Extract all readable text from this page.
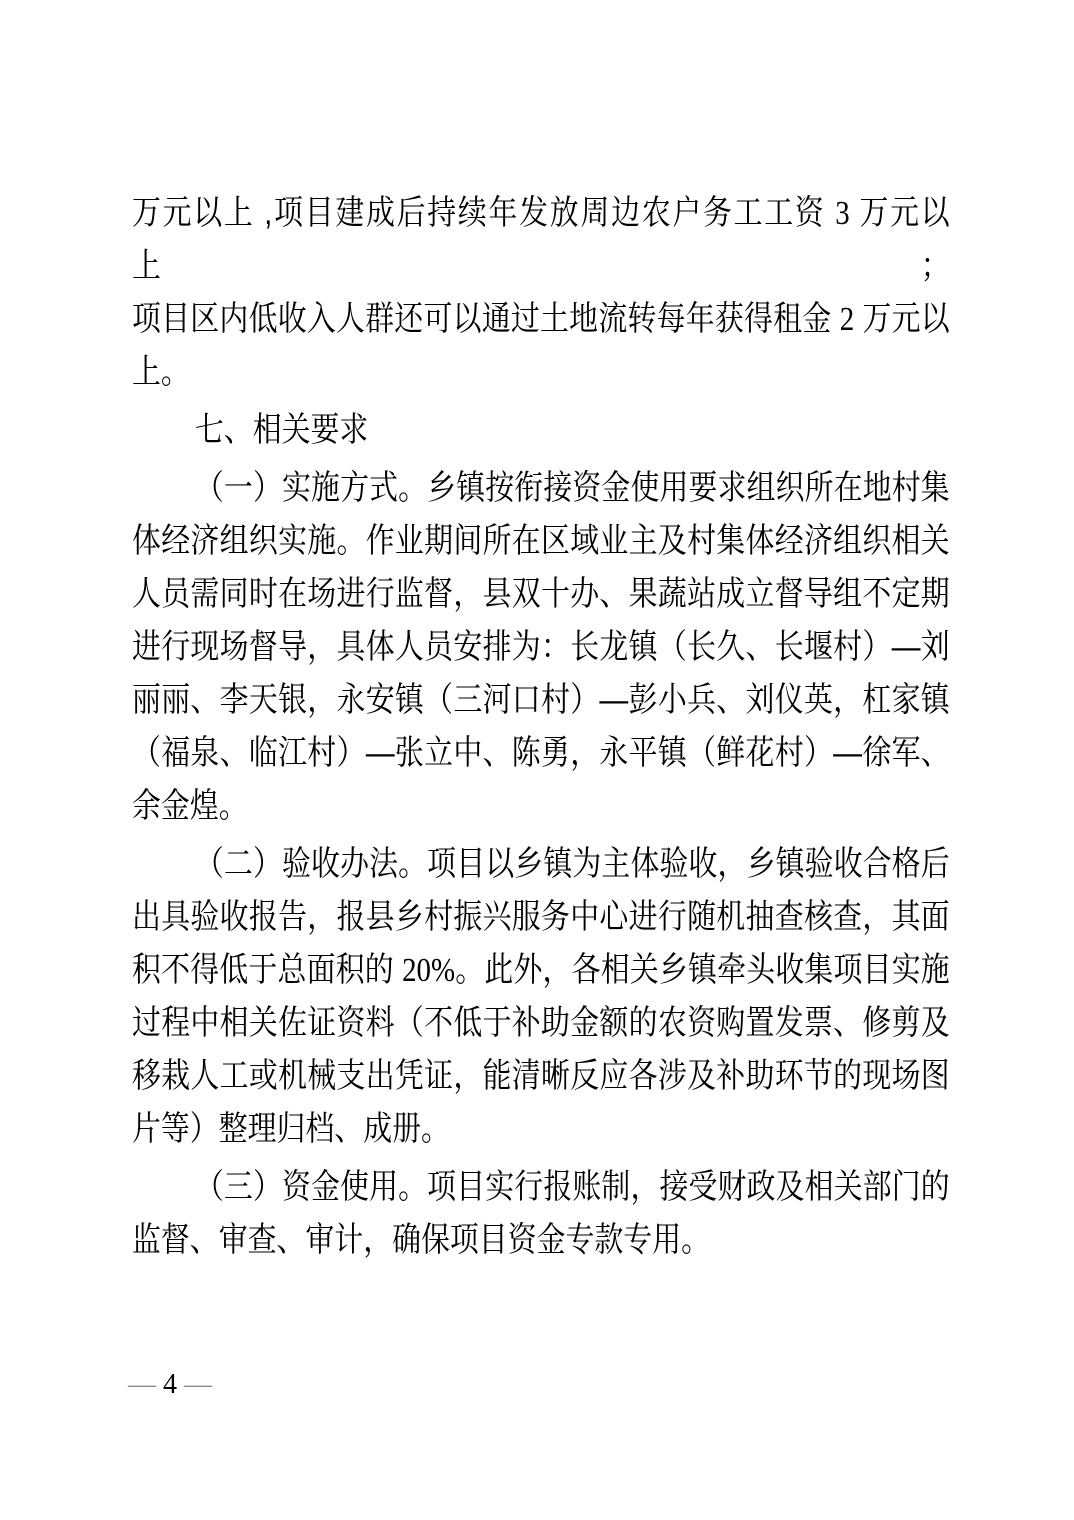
万元以上 ,项目建成后持续年发放周边农户务工工资 3 万元以上；
项目区内低收入人群还可以通过土地流转每年获得租金 2 万元以
上。
七、相关要求
（一）实施方式。乡镇按衔接资金使用要求组织所在地村集
体经济组织实施。作业期间所在区域业主及村集体经济组织相关
人员需同时在场进行监督，县双十办、果蔬站成立督导组不定期
进行现场督导，具体人员安排为：长龙镇（长久、长堰村）—刘
丽丽、李天银，永安镇（三河口村）—彭小兵、刘仪英，杠家镇
（福泉、临江村）—张立中、陈勇，永平镇（鲜花村）—徐军、
余金煌。
（二）验收办法。项目以乡镇为主体验收，乡镇验收合格后
出具验收报告，报县乡村振兴服务中心进行随机抽查核查，其面
积不得低于总面积的 20%。此外，各相关乡镇牵头收集项目实施
过程中相关佐证资料（不低于补助金额的农资购置发票、修剪及
移栽人工或机械支出凭证，能清晰反应各涉及补助环节的现场图
片等）整理归档、成册。
（三）资金使用。项目实行报账制，接受财政及相关部门的
监督、审查、审计，确保项目资金专款专用。
— 4 —
